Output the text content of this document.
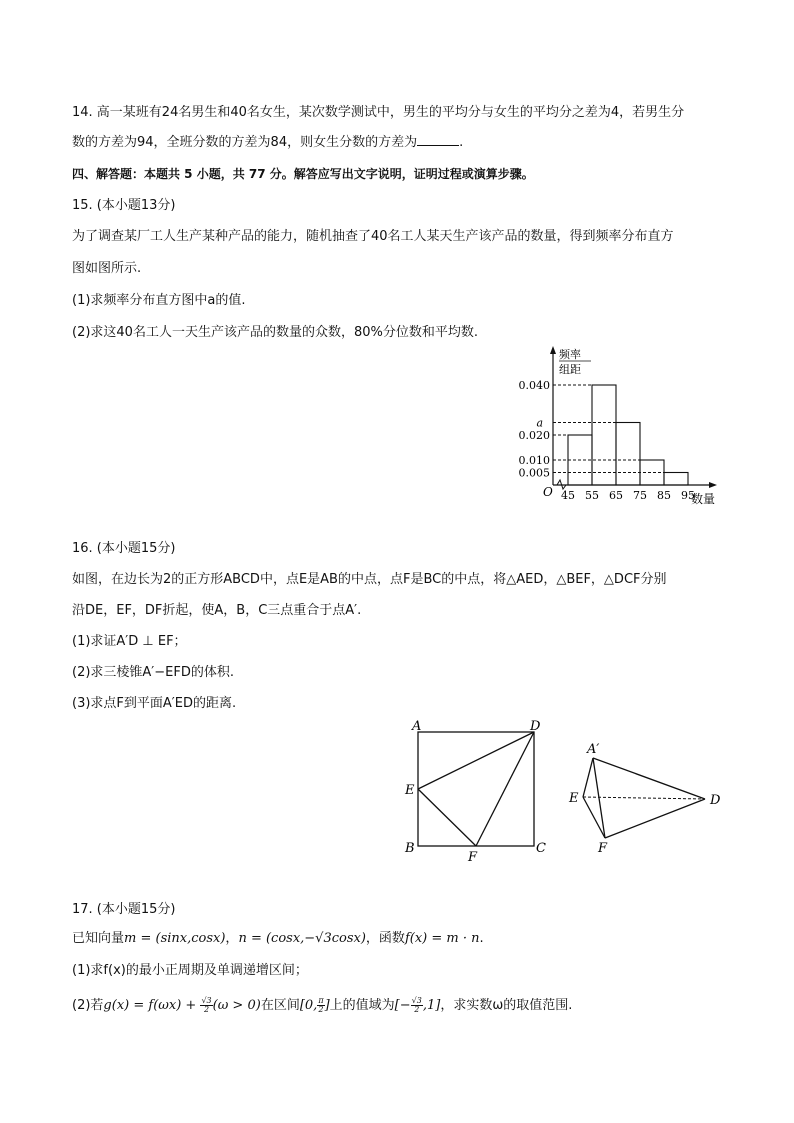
14. 高一某班有24名男生和40名女生，某次数学测试中，男生的平均分与女生的平均分之差为4，若男生分
数的方差为94，全班分数的方差为84，则女生分数的方差为	.
四、解答题：本题共 5 小题，共 77 分。解答应写出文字说明，证明过程或演算步骤。
15. (本小题13分)
为了调查某厂工人生产某种产品的能力，随机抽查了40名工人某天生产该产品的数量，得到频率分布直方
图如图所示.
(1)求频率分布直方图中a的值.
(2)求这40名工人一天生产该产品的数量的众数，80%分位数和平均数.
频率
组距
0.005
0.010
0.020
a
0.040
45 55 65 75 85 95
O	数量
16. (本小题15分)
如图，在边长为2的正方形ABCD中，点E是AB的中点，点F是BC的中点，将△AED，△BEF，△DCF分别
沿DE，EF，DF折起，使A，B，C三点重合于点A′.
(1)求证A′D ⊥ EF；
(2)求三棱锥A′−EFD的体积.
(3)求点F到平面A′ED的距离.
A	D
E
B
F
C
A′
E
F
D
17. (本小题15分)
已知向量m = (sinx,cosx)，n = (cosx,−√3cosx)，函数f(x) = m · n.
(1)求f(x)的最小正周期及单调递增区间；
(2)若$g(x) = f(\omega x) + \frac{√3}{2} (\omega > 0)$在区间[0, $\frac{\pi}{2}$ ]上的值域为[− $\frac{√3}{2} ,1$]，求实数ω的取值范围.
